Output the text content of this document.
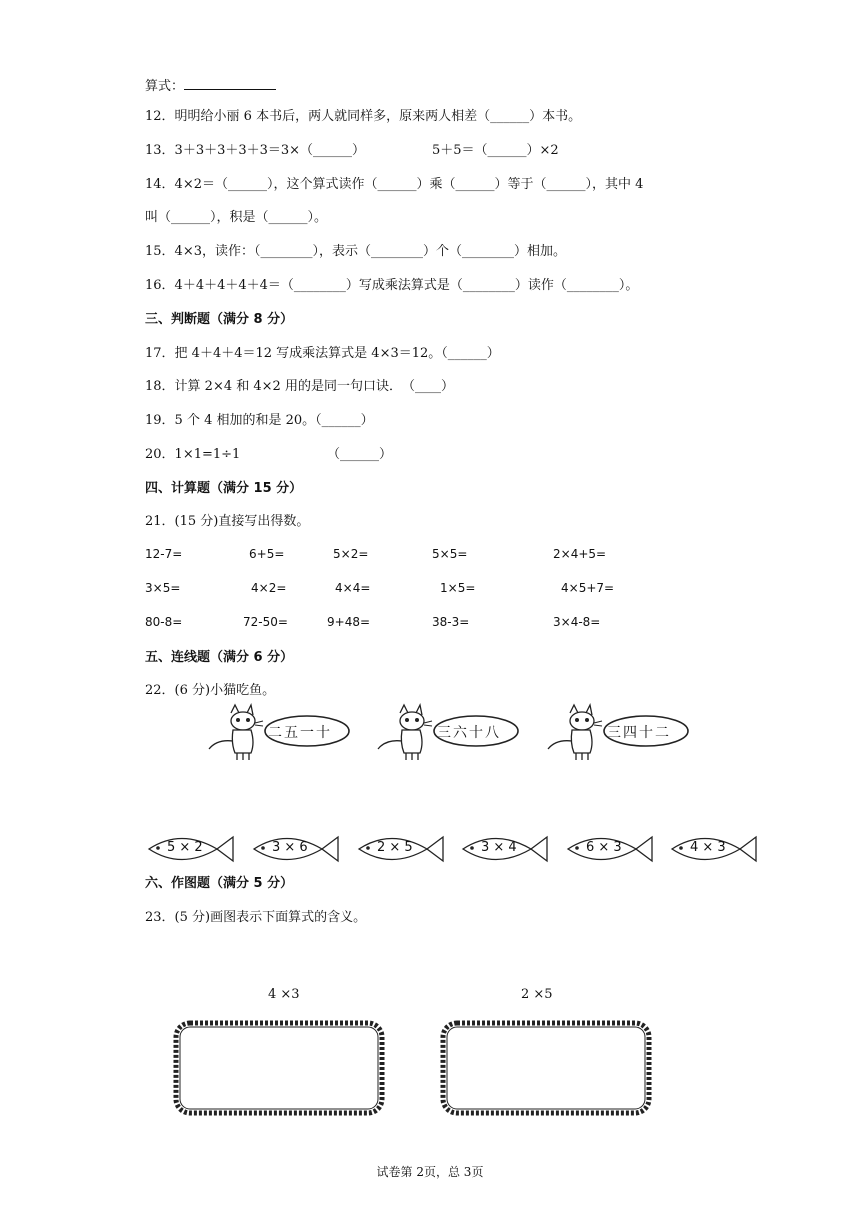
算式：
12．明明给小丽 6 本书后，两人就同样多，原来两人相差（______）本书。
13．3＋3＋3＋3＋3＝3×（______）	5＋5＝（______）×2
14．4×2＝（______），这个算式读作（______）乘（______）等于（______），其中 4
叫（______），积是（______）。
15．4×3，读作：（________），表示（________）个（________）相加。
16．4＋4＋4＋4＋4＝（________）写成乘法算式是（________）读作（________）。
三、判断题（满分 8 分）
17．把 4＋4＋4＝12 写成乘法算式是 4×3＝12。（______）
18．计算 2×4 和 4×2 用的是同一句口诀．　（____）
19．5 个 4 相加的和是 20。（______）
20．1×1=1÷1	（______）
四、计算题（满分 15 分）
21．(15 分)直接写出得数。
12-7=	6+5=	5×2=	5×5=	2×4+5=
3×5=	4×2=	4×4=	1×5=	4×5+7=
80-8=	72-50=	9+48=	38-3=	3×4-8=
五、连线题（满分 6 分）
22．(6 分)小猫吃鱼。
二五一十	三六十八	三四十二
5 × 2	3 × 6	2 × 5	3 × 4	6 × 3	4 × 3
六、作图题（满分 5 分）
23．(5 分)画图表示下面算式的含义。
4 ×3	2 ×5
试卷第 2页，总 3页
